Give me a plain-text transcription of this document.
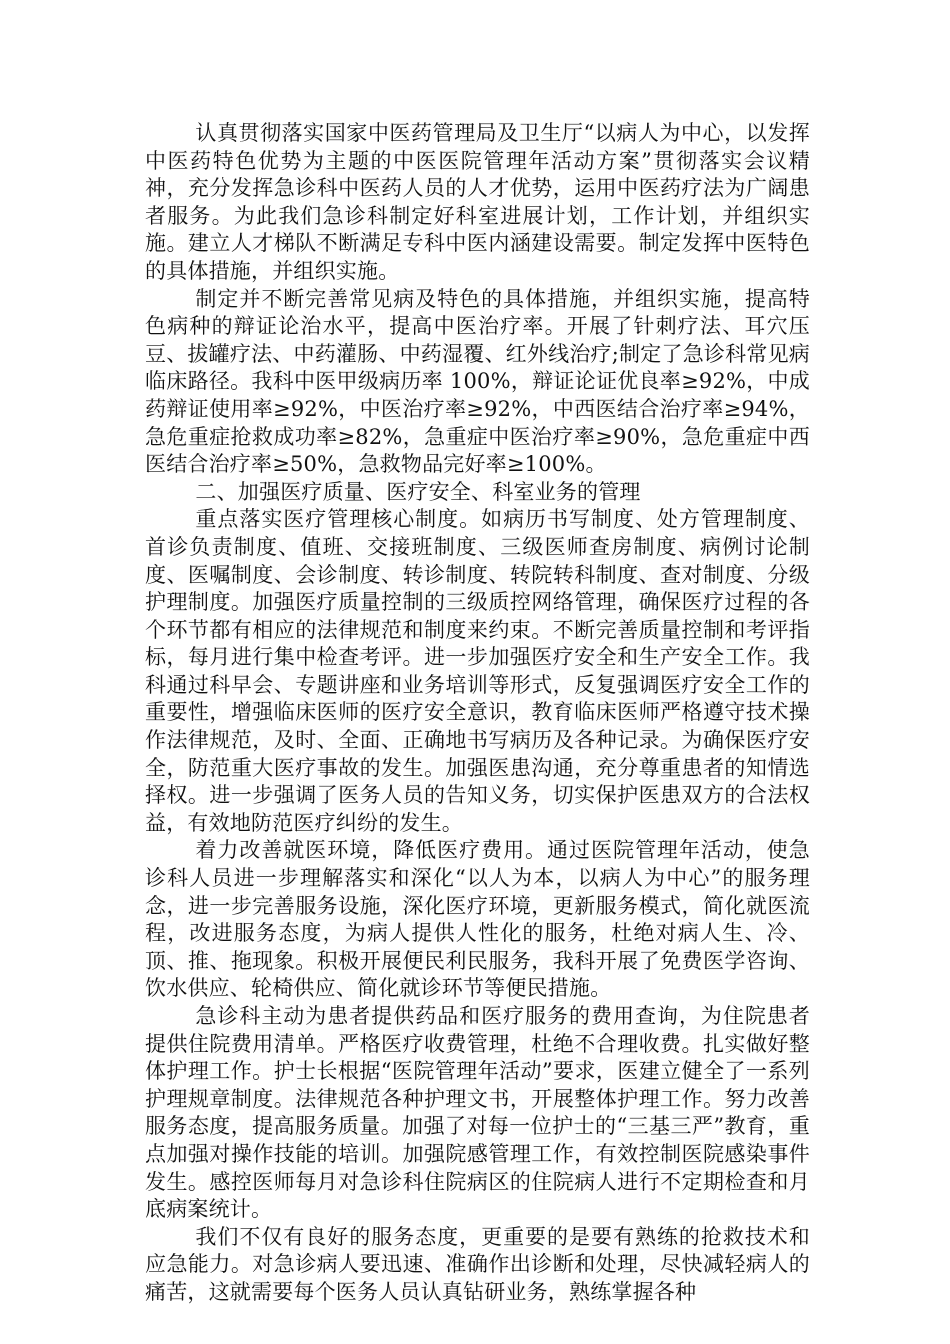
认真贯彻落实国家中医药管理局及卫生厅“以病人为中心，以发挥中医药特色优势为主题的中医医院管理年活动方案”贯彻落实会议精神，充分发挥急诊科中医药人员的人才优势，运用中医药疗法为广阔患者服务。为此我们急诊科制定好科室进展计划，工作计划，并组织实施。建立人才梯队不断满足专科中医内涵建设需要。制定发挥中医特色的具体措施，并组织实施。

制定并不断完善常见病及特色的具体措施，并组织实施，提高特色病种的辩证论治水平，提高中医治疗率。开展了针刺疗法、耳穴压豆、拔罐疗法、中药灌肠、中药湿覆、红外线治疗;制定了急诊科常见病临床路径。我科中医甲级病历率 100%，辩证论证优良率≥92%，中成药辩证使用率≥92%，中医治疗率≥92%，中西医结合治疗率≥94%，急危重症抢救成功率≥82%，急重症中医治疗率≥90%，急危重症中西医结合治疗率≥50%，急救物品完好率≥100%。

二、加强医疗质量、医疗安全、科室业务的管理

重点落实医疗管理核心制度。如病历书写制度、处方管理制度、首诊负责制度、值班、交接班制度、三级医师查房制度、病例讨论制度、医嘱制度、会诊制度、转诊制度、转院转科制度、查对制度、分级护理制度。加强医疗质量控制的三级质控网络管理，确保医疗过程的各个环节都有相应的法律规范和制度来约束。不断完善质量控制和考评指标，每月进行集中检查考评。进一步加强医疗安全和生产安全工作。我科通过科早会、专题讲座和业务培训等形式，反复强调医疗安全工作的重要性，增强临床医师的医疗安全意识，教育临床医师严格遵守技术操作法律规范，及时、全面、正确地书写病历及各种记录。为确保医疗安全，防范重大医疗事故的发生。加强医患沟通，充分尊重患者的知情选择权。进一步强调了医务人员的告知义务，切实保护医患双方的合法权益，有效地防范医疗纠纷的发生。

着力改善就医环境，降低医疗费用。通过医院管理年活动，使急诊科人员进一步理解落实和深化“以人为本，以病人为中心”的服务理念，进一步完善服务设施，深化医疗环境，更新服务模式，简化就医流程，改进服务态度，为病人提供人性化的服务，杜绝对病人生、冷、顶、推、拖现象。积极开展便民利民服务，我科开展了免费医学咨询、饮水供应、轮椅供应、简化就诊环节等便民措施。

急诊科主动为患者提供药品和医疗服务的费用查询，为住院患者提供住院费用清单。严格医疗收费管理，杜绝不合理收费。扎实做好整体护理工作。护士长根据“医院管理年活动”要求，医建立健全了一系列护理规章制度。法律规范各种护理文书，开展整体护理工作。努力改善服务态度，提高服务质量。加强了对每一位护士的“三基三严”教育，重点加强对操作技能的培训。加强院感管理工作，有效控制医院感染事件发生。感控医师每月对急诊科住院病区的住院病人进行不定期检查和月底病案统计。

我们不仅有良好的服务态度，更重要的是要有熟练的抢救技术和应急能力。对急诊病人要迅速、准确作出诊断和处理，尽快减轻病人的痛苦，这就需要每个医务人员认真钻研业务，熟练掌握各种
